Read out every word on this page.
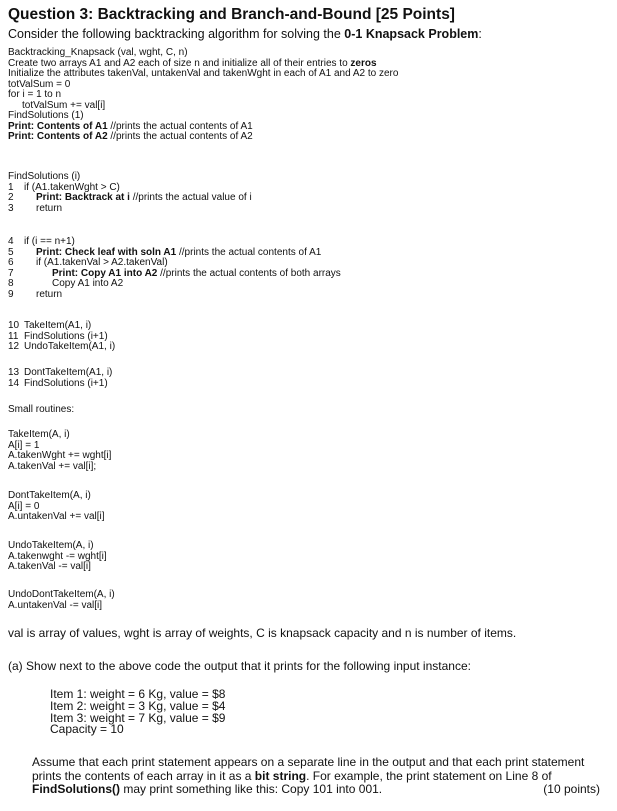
Question 3: Backtracking and Branch-and-Bound [25 Points]
Consider the following backtracking algorithm for solving the 0-1 Knapsack Problem:
Backtracking_Knapsack (val, wght, C, n)
Create two arrays A1 and A2 each of size n and initialize all of their entries to zeros
Initialize the attributes takenVal, untakenVal and takenWght in each of A1 and A2 to zero
totValSum = 0
for i = 1 to n
totValSum += val[i]
FindSolutions (1)
Print: Contents of A1 //prints the actual contents of A1
Print: Contents of A2 //prints the actual contents of A2
FindSolutions (i)
1 if (A1.takenWght > C)
2 Print: Backtrack at i //prints the actual value of i
3 return
4 if (i == n+1)
5 Print: Check leaf with soln A1 //prints the actual contents of A1
6 if (A1.takenVal > A2.takenVal)
7	Print: Copy A1 into A2 //prints the actual contents of both arrays
8	Copy A1 into A2
9 return
10 TakeItem(A1, i)
11 FindSolutions (i+1)
12 UndoTakeItem(A1, i)
13 DontTakeItem(A1, i)
14 FindSolutions (i+1)
Small routines:
TakeItem(A, i)
A[i] = 1
A.takenWght += wght[i]
A.takenVal += val[i];
DontTakeItem(A, i)
A[i] = 0
A.untakenVal += val[i]
UndoTakeItem(A, i)
A.takenwght -= wght[i]
A.takenVal -= val[i]
UndoDontTakeItem(A, i)
A.untakenVal -= val[i]
val is array of values, wght is array of weights, C is knapsack capacity and n is number of items.
(a) Show next to the above code the output that it prints for the following input instance:
Item 1: weight = 6 Kg, value = $8
Item 2: weight = 3 Kg, value = $4
Item 3: weight = 7 Kg, value = $9
Capacity = 10
Assume that each print statement appears on a separate line in the output and that each print statement prints the contents of each array in it as a bit string. For example, the print statement on Line 8 of FindSolutions() may print something like this: Copy 101 into 001.	(10 points)
